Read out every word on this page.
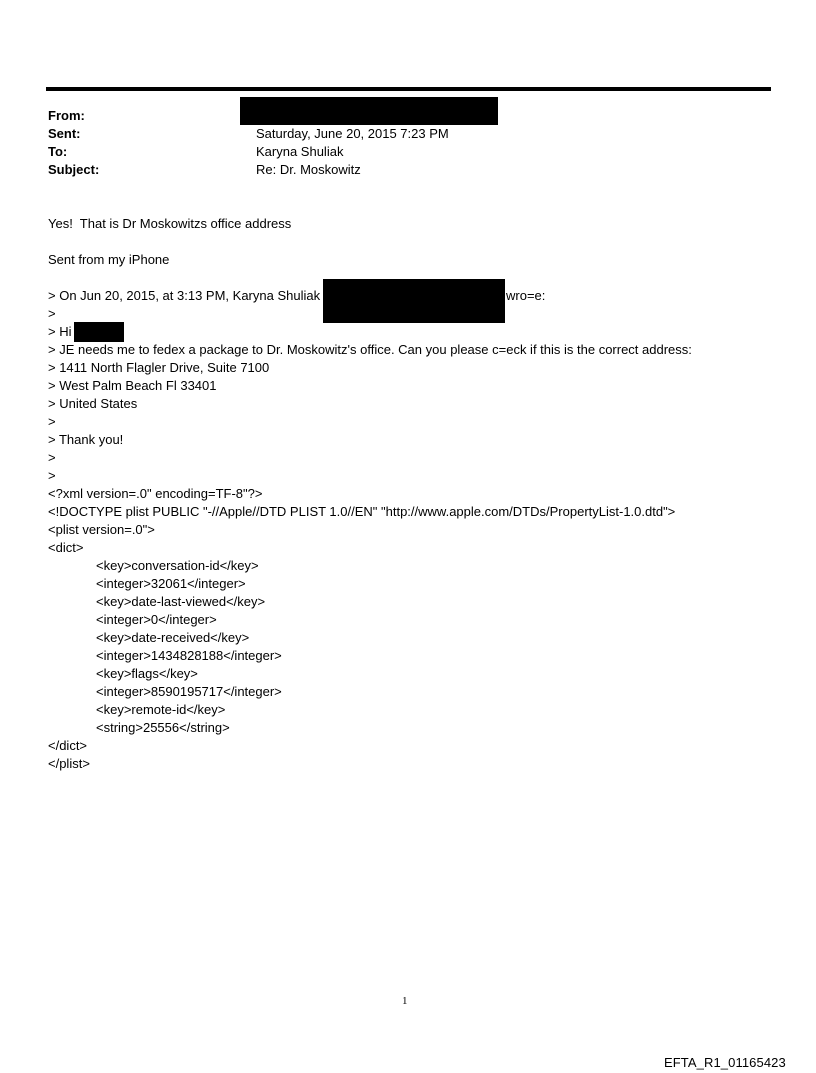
From:
Sent:	Saturday, June 20, 2015 7:23 PM
To:	Karyna Shuliak
Subject:	Re: Dr. Moskowitz
Yes!  That is Dr Moskowitzs office address
Sent from my iPhone
> On Jun 20, 2015, at 3:13 PM, Karyna Shuliak	wro=e:
>
> Hi
> JE needs me to fedex a package to Dr. Moskowitz's office. Can you please c=eck if this is the correct address:
> 1411 North Flagler Drive, Suite 7100
> West Palm Beach Fl 33401
> United States
>
> Thank you!
>
>
<?xml version=.0" encoding=TF-8"?>
<!DOCTYPE plist PUBLIC "-//Apple//DTD PLIST 1.0//EN" "http://www.apple.com/DTDs/PropertyList-1.0.dtd">
<plist version=.0">
<dict>
<key>conversation-id</key>
<integer>32061</integer>
<key>date-last-viewed</key>
<integer>0</integer>
<key>date-received</key>
<integer>1434828188</integer>
<key>flags</key>
<integer>8590195717</integer>
<key>remote-id</key>
<string>25556</string>
</dict>
</plist>
1
EFTA_R1_01165423
